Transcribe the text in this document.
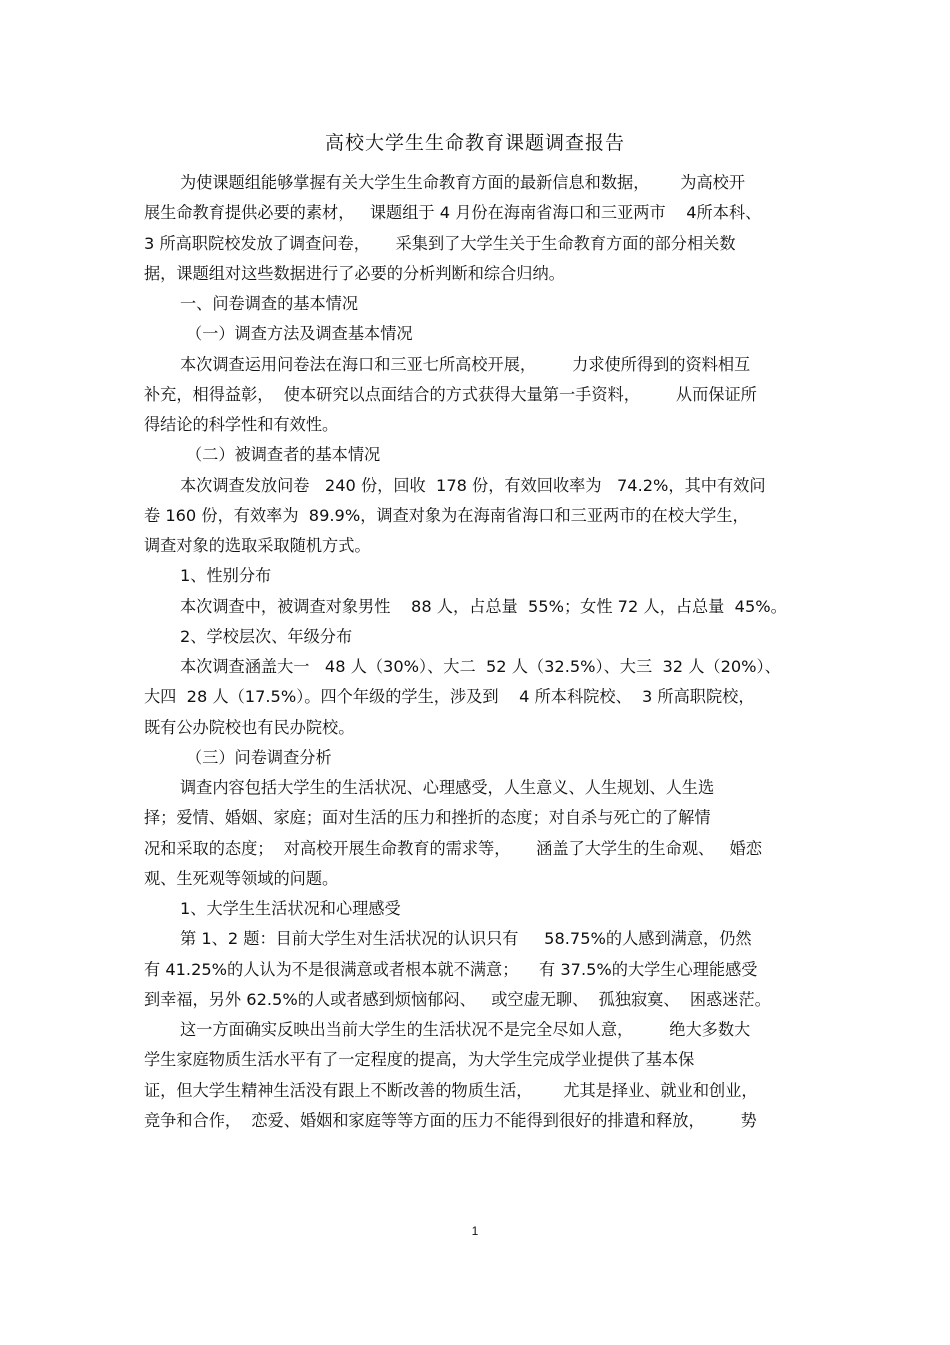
高校大学生生命教育课题调查报告
为使课题组能够掌握有关大学生生命教育方面的最新信息和数据，      为高校开
展生命教育提供必要的素材，   课题组于 4 月份在海南省海口和三亚两市    4所本科、
3 所高职院校发放了调查问卷，     采集到了大学生关于生命教育方面的部分相关数
据，课题组对这些数据进行了必要的分析判断和综合归纳。
一、问卷调查的基本情况
（一）调查方法及调查基本情况
本次调查运用问卷法在海口和三亚七所高校开展，       力求使所得到的资料相互
补充，相得益彰，  使本研究以点面结合的方式获得大量第一手资料，       从而保证所
得结论的科学性和有效性。
（二）被调查者的基本情况
本次调查发放问卷   240 份，回收  178 份，有效回收率为   74.2%，其中有效问
卷 160 份，有效率为  89.9%，调查对象为在海南省海口和三亚两市的在校大学生，
调查对象的选取采取随机方式。
1、性别分布
本次调查中，被调查对象男性    88 人，占总量  55%；女性 72 人，占总量  45%。
2、学校层次、年级分布
本次调查涵盖大一   48 人（30%）、大二  52 人（32.5%）、大三  32 人（20%）、
大四  28 人（17.5%）。四个年级的学生，涉及到    4 所本科院校、  3 所高职院校，
既有公办院校也有民办院校。
（三）问卷调查分析
调查内容包括大学生的生活状况、心理感受，人生意义、人生规划、人生选
择；爱情、婚姻、家庭；面对生活的压力和挫折的态度；对自杀与死亡的了解情
况和采取的态度；  对高校开展生命教育的需求等，     涵盖了大学生的生命观、   婚恋
观、生死观等领域的问题。
1、大学生生活状况和心理感受
第 1、2 题：目前大学生对生活状况的认识只有     58.75%的人感到满意，仍然
有 41.25%的人认为不是很满意或者根本就不满意；    有 37.5%的大学生心理能感受
到幸福，另外 62.5%的人或者感到烦恼郁闷、   或空虚无聊、  孤独寂寞、  困惑迷茫。
这一方面确实反映出当前大学生的生活状况不是完全尽如人意，       绝大多数大
学生家庭物质生活水平有了一定程度的提高，为大学生完成学业提供了基本保
证，但大学生精神生活没有跟上不断改善的物质生活，      尤其是择业、就业和创业，
竞争和合作，  恋爱、婚姻和家庭等等方面的压力不能得到很好的排遣和释放，       势
1
